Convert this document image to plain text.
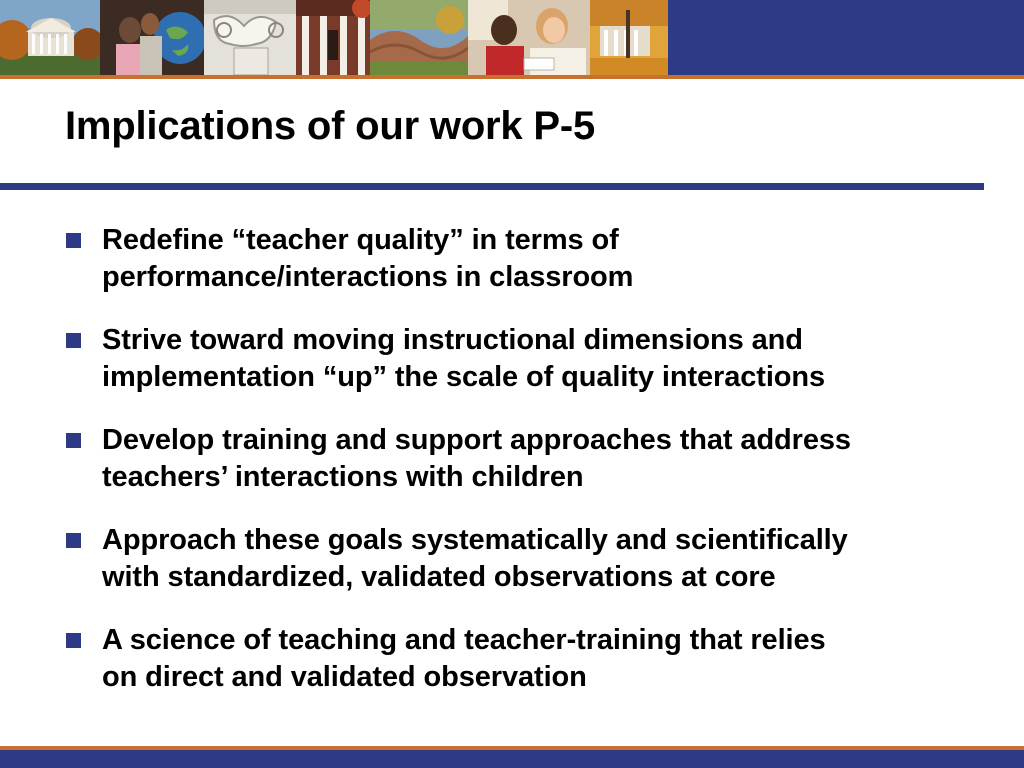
Implications of our work P-5
Redefine “teacher quality” in terms of
performance/interactions in classroom
Strive toward moving instructional dimensions and
implementation “up” the scale of quality interactions
Develop training and support approaches that address
teachers’ interactions with children
Approach these goals systematically and scientifically
with standardized, validated observations at core
A science of teaching and teacher-training that relies
on direct and validated observation
